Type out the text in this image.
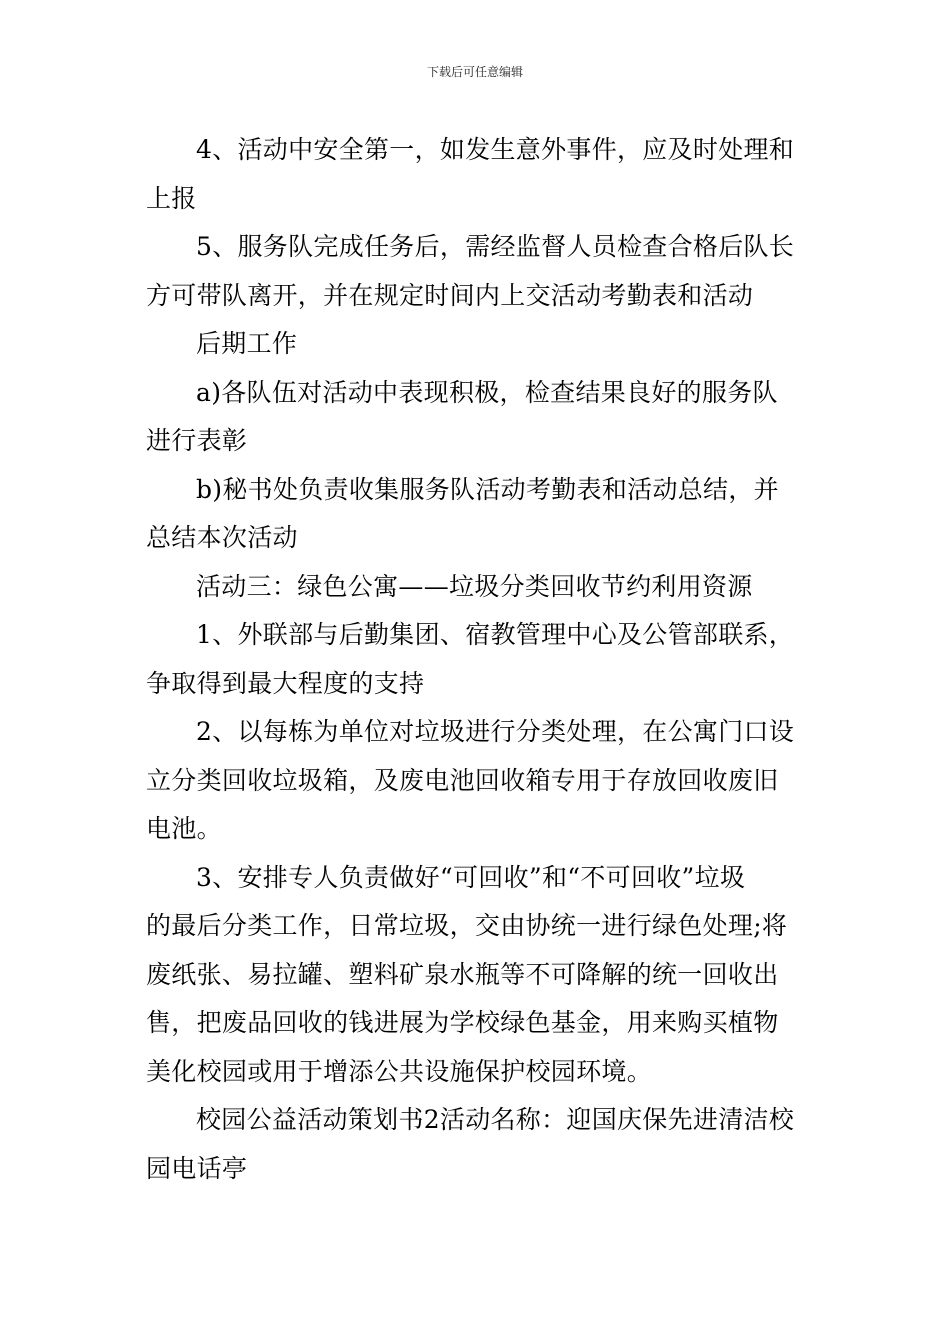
下载后可任意编辑

4、活动中安全第一，如发生意外事件，应及时处理和
上报

5、服务队完成任务后，需经监督人员检查合格后队长
方可带队离开，并在规定时间内上交活动考勤表和活动

后期工作

a)各队伍对活动中表现积极，检查结果良好的服务队
进行表彰

b)秘书处负责收集服务队活动考勤表和活动总结，并
总结本次活动

活动三：绿色公寓——垃圾分类回收节约利用资源

1、外联部与后勤集团、宿教管理中心及公管部联系，
争取得到最大程度的支持

2、以每栋为单位对垃圾进行分类处理，在公寓门口设
立分类回收垃圾箱，及废电池回收箱专用于存放回收废旧
电池。

3、安排专人负责做好“可回收”和“不可回收”垃圾
的最后分类工作，日常垃圾，交由协统一进行绿色处理;将
废纸张、易拉罐、塑料矿泉水瓶等不可降解的统一回收出
售，把废品回收的钱进展为学校绿色基金，用来购买植物
美化校园或用于增添公共设施保护校园环境。

校园公益活动策划书2活动名称：迎国庆保先进清洁校
园电话亭
